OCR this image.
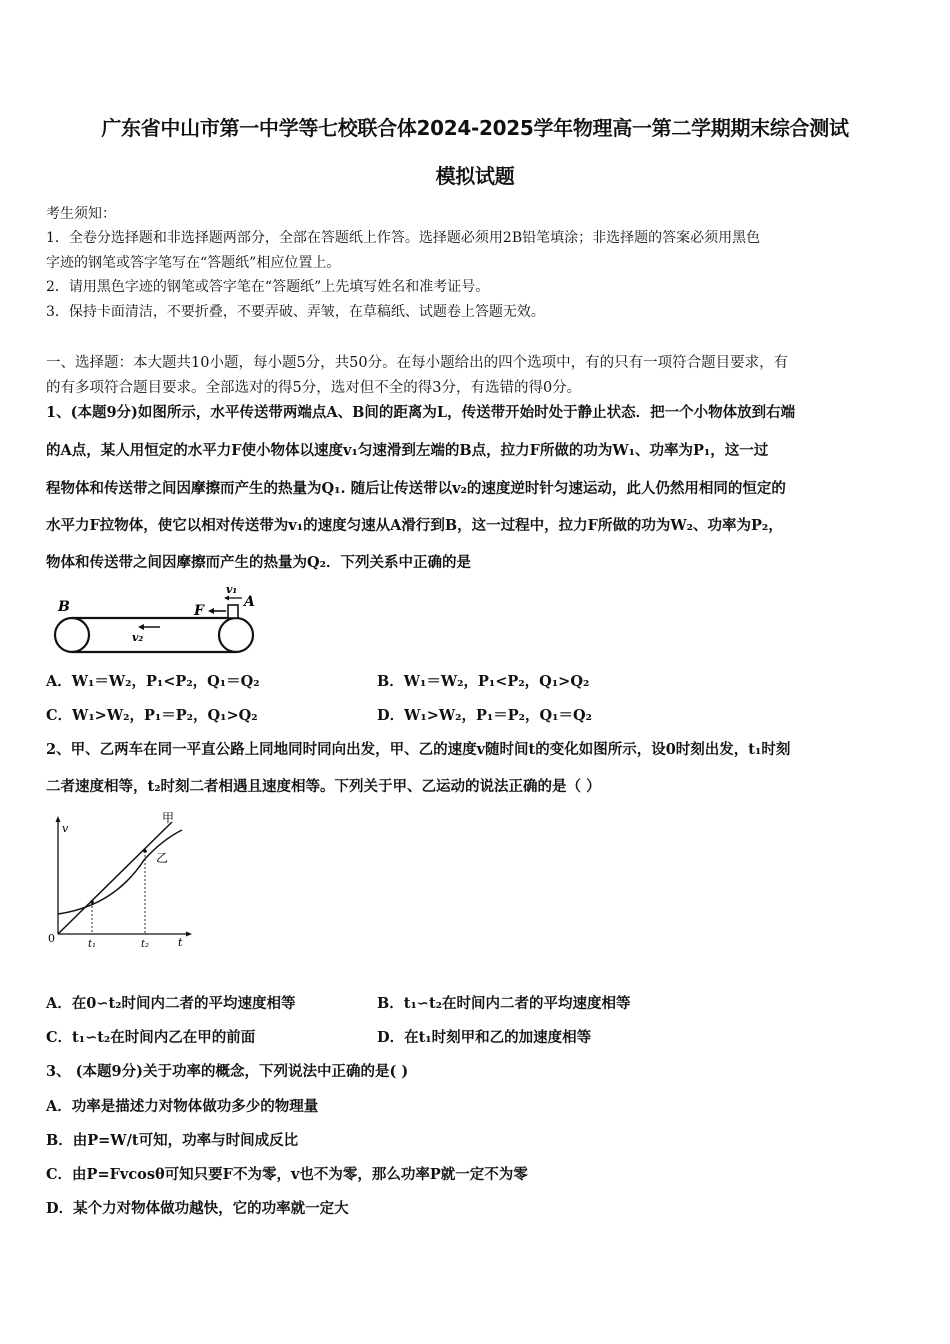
广东省中山市第一中学等七校联合体2024-2025学年物理高一第二学期期末综合测试
模拟试题
考生须知：
1．全卷分选择题和非选择题两部分，全部在答题纸上作答。选择题必须用2B铅笔填涂；非选择题的答案必须用黑色
字迹的钢笔或答字笔写在“答题纸”相应位置上。
2．请用黑色字迹的钢笔或答字笔在“答题纸”上先填写姓名和准考证号。
3．保持卡面清洁，不要折叠，不要弄破、弄皱，在草稿纸、试题卷上答题无效。
一、选择题：本大题共10小题，每小题5分，共50分。在每小题给出的四个选项中，有的只有一项符合题目要求，有
的有多项符合题目要求。全部选对的得5分，选对但不全的得3分，有选错的得0分。
1、(本题9分)如图所示，水平传送带两端点A、B间的距离为L，传送带开始时处于静止状态．把一个小物体放到右端
的A点，某人用恒定的水平力F使小物体以速度v₁匀速滑到左端的B点，拉力F所做的功为W₁、功率为P₁，这一过
程物体和传送带之间因摩擦而产生的热量为Q₁. 随后让传送带以v₂的速度逆时针匀速运动，此人仍然用相同的恒定的
水平力F拉物体，使它以相对传送带为v₁的速度匀速从A滑行到B，这一过程中，拉力F所做的功为W₂、功率为P₂，
物体和传送带之间因摩擦而产生的热量为Q₂．下列关系中正确的是
B	A
F
v₁
v₂
A．W₁＝W₂，P₁<P₂，Q₁＝Q₂	B．W₁＝W₂，P₁<P₂，Q₁>Q₂
C．W₁>W₂，P₁＝P₂，Q₁>Q₂	D．W₁>W₂，P₁＝P₂，Q₁＝Q₂
2、甲、乙两车在同一平直公路上同地同时同向出发，甲、乙的速度v随时间t的变化如图所示，设0时刻出发，t₁时刻
二者速度相等，t₂时刻二者相遇且速度相等。下列关于甲、乙运动的说法正确的是（ ）
v
t
0	t₁	t₂
甲
乙
A．在0∽t₂时间内二者的平均速度相等	B．t₁∽t₂在时间内二者的平均速度相等
C．t₁∽t₂在时间内乙在甲的前面	D．在t₁时刻甲和乙的加速度相等
3、 (本题9分)关于功率的概念，下列说法中正确的是( )
A．功率是描述力对物体做功多少的物理量
B．由P=W/t可知，功率与时间成反比
C．由P=Fvcosθ可知只要F不为零，v也不为零，那么功率P就一定不为零
D．某个力对物体做功越快，它的功率就一定大
